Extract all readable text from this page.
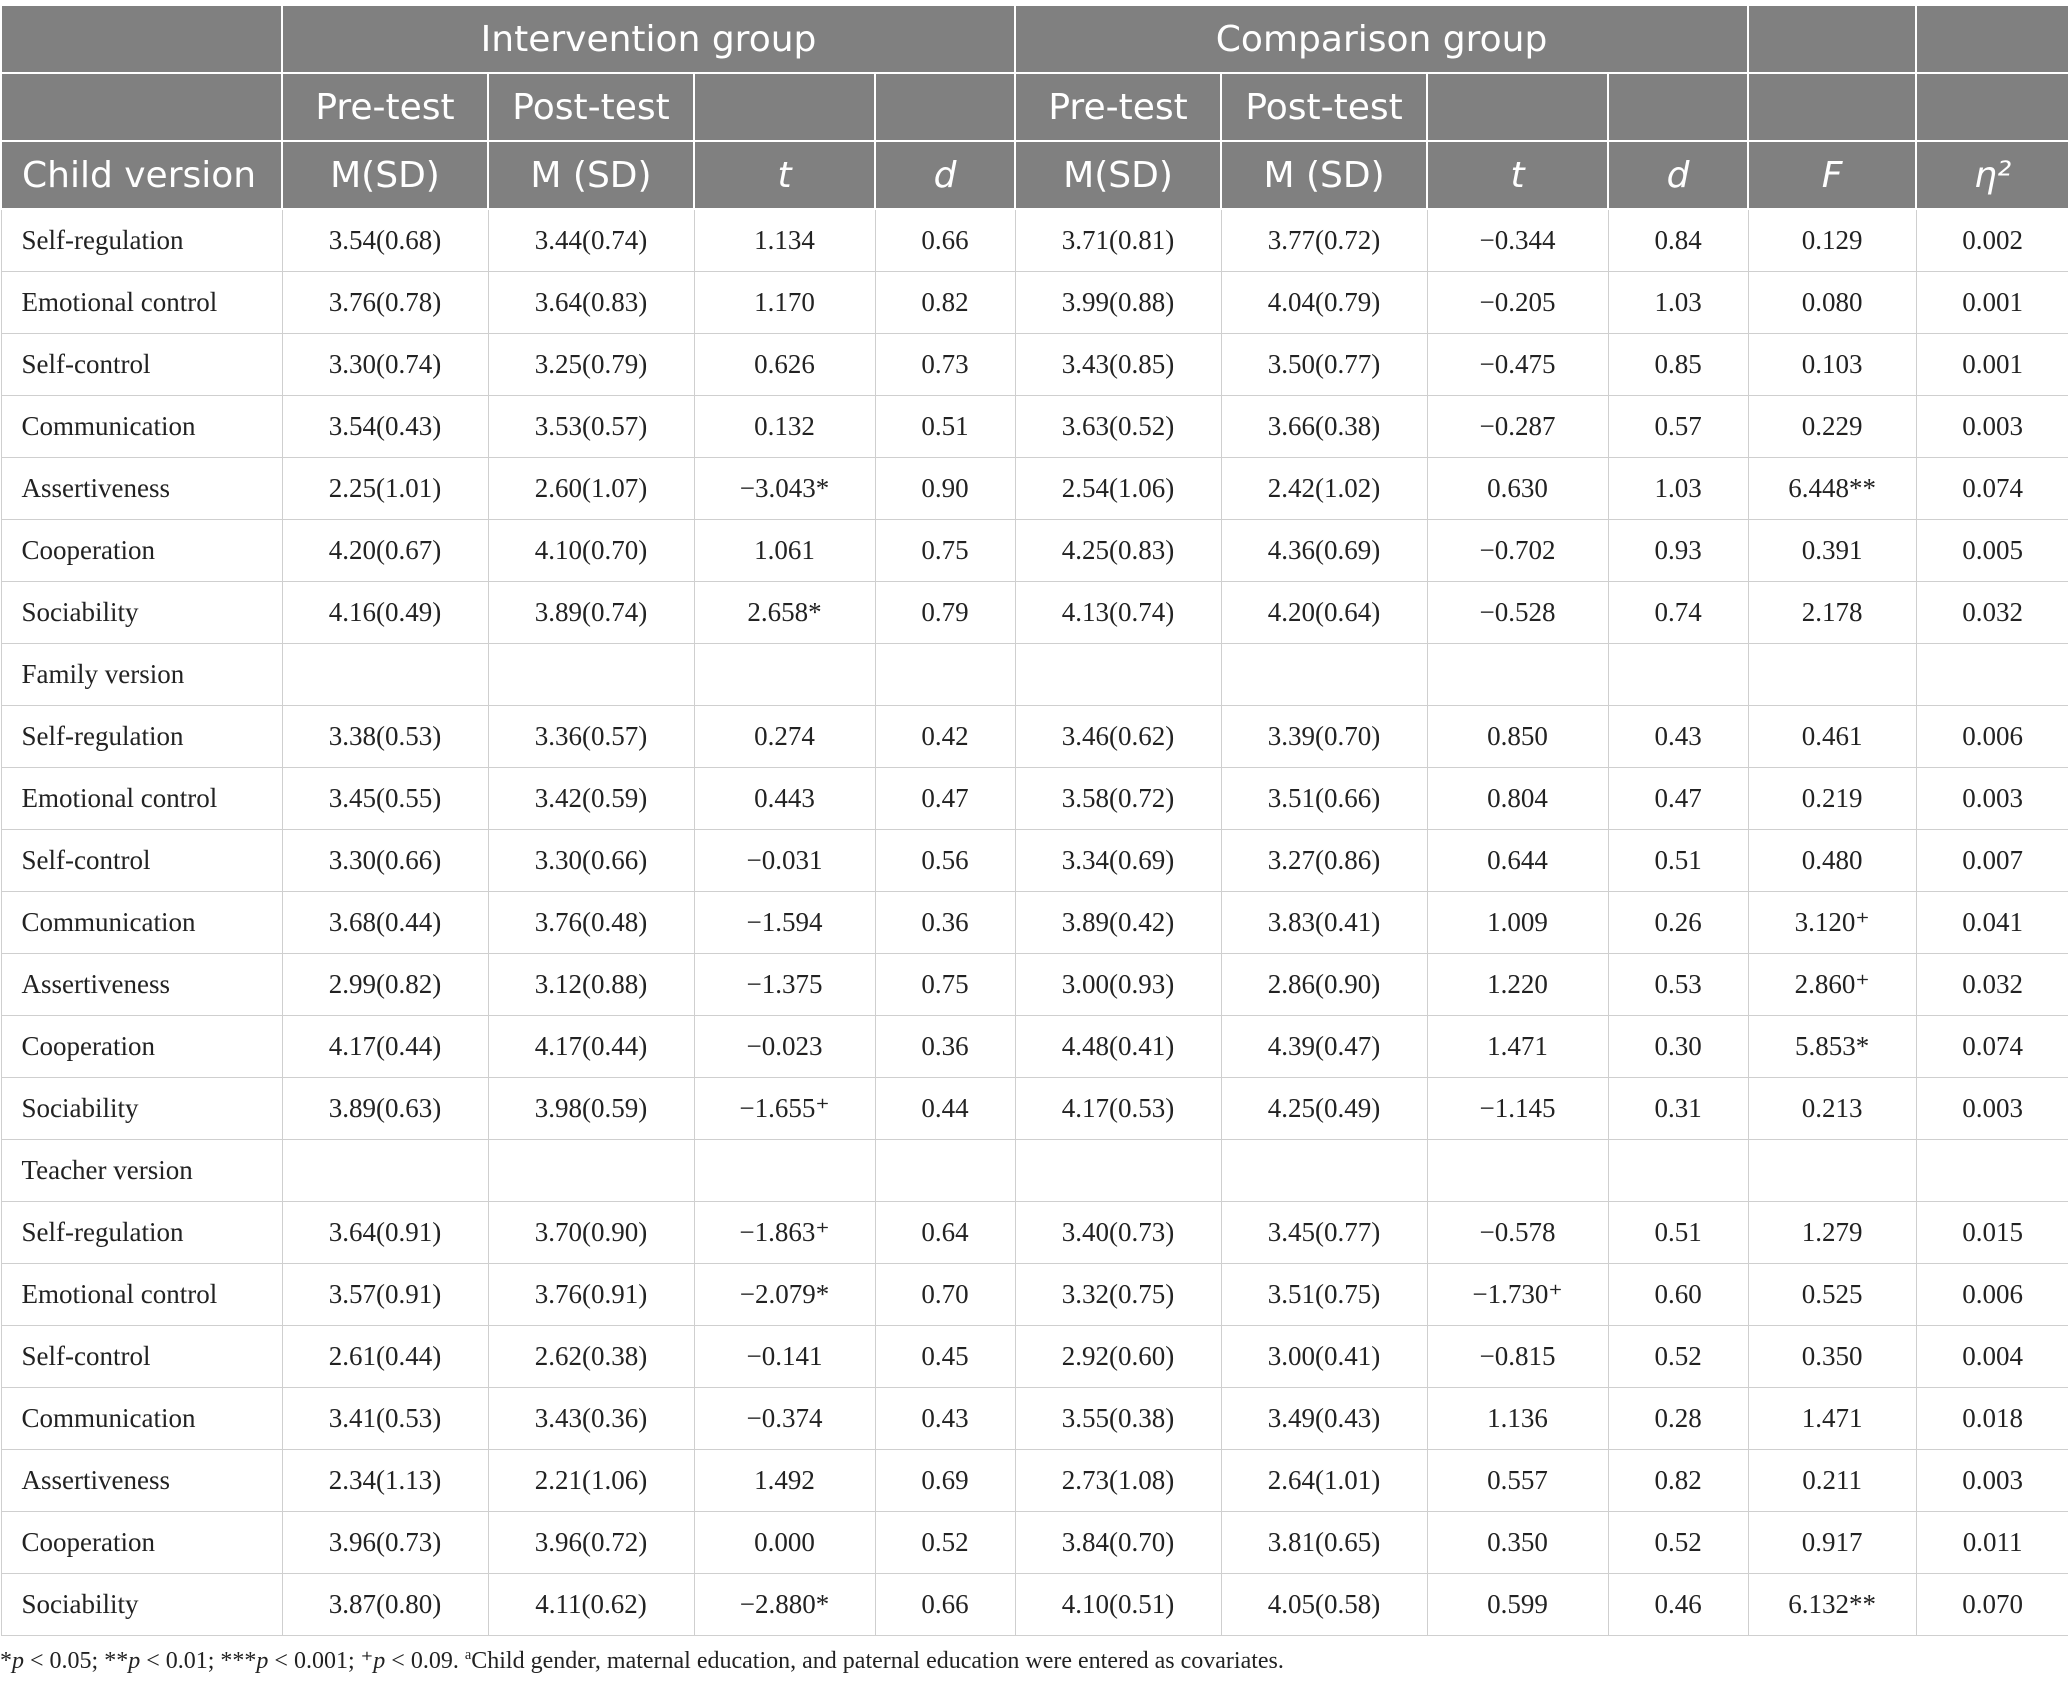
	Intervention group				Comparison group					
	Pre-test	Post-test			Pre-test	Post-test				
Child version	M(SD)	M (SD)	t	d	M(SD)	M (SD)	t	d	F	η²
Self-regulation	3.54(0.68)	3.44(0.74)	1.134	0.66	3.71(0.81)	3.77(0.72)	−0.344	0.84	0.129	0.002
Emotional control	3.76(0.78)	3.64(0.83)	1.170	0.82	3.99(0.88)	4.04(0.79)	−0.205	1.03	0.080	0.001
Self-control	3.30(0.74)	3.25(0.79)	0.626	0.73	3.43(0.85)	3.50(0.77)	−0.475	0.85	0.103	0.001
Communication	3.54(0.43)	3.53(0.57)	0.132	0.51	3.63(0.52)	3.66(0.38)	−0.287	0.57	0.229	0.003
Assertiveness	2.25(1.01)	2.60(1.07)	−3.043*	0.90	2.54(1.06)	2.42(1.02)	0.630	1.03	6.448**	0.074
Cooperation	4.20(0.67)	4.10(0.70)	1.061	0.75	4.25(0.83)	4.36(0.69)	−0.702	0.93	0.391	0.005
Sociability	4.16(0.49)	3.89(0.74)	2.658*	0.79	4.13(0.74)	4.20(0.64)	−0.528	0.74	2.178	0.032
Family version										
Self-regulation	3.38(0.53)	3.36(0.57)	0.274	0.42	3.46(0.62)	3.39(0.70)	0.850	0.43	0.461	0.006
Emotional control	3.45(0.55)	3.42(0.59)	0.443	0.47	3.58(0.72)	3.51(0.66)	0.804	0.47	0.219	0.003
Self-control	3.30(0.66)	3.30(0.66)	−0.031	0.56	3.34(0.69)	3.27(0.86)	0.644	0.51	0.480	0.007
Communication	3.68(0.44)	3.76(0.48)	−1.594	0.36	3.89(0.42)	3.83(0.41)	1.009	0.26	3.120⁺	0.041
Assertiveness	2.99(0.82)	3.12(0.88)	−1.375	0.75	3.00(0.93)	2.86(0.90)	1.220	0.53	2.860⁺	0.032
Cooperation	4.17(0.44)	4.17(0.44)	−0.023	0.36	4.48(0.41)	4.39(0.47)	1.471	0.30	5.853*	0.074
Sociability	3.89(0.63)	3.98(0.59)	−1.655⁺	0.44	4.17(0.53)	4.25(0.49)	−1.145	0.31	0.213	0.003
Teacher version										
Self-regulation	3.64(0.91)	3.70(0.90)	−1.863⁺	0.64	3.40(0.73)	3.45(0.77)	−0.578	0.51	1.279	0.015
Emotional control	3.57(0.91)	3.76(0.91)	−2.079*	0.70	3.32(0.75)	3.51(0.75)	−1.730⁺	0.60	0.525	0.006
Self-control	2.61(0.44)	2.62(0.38)	−0.141	0.45	2.92(0.60)	3.00(0.41)	−0.815	0.52	0.350	0.004
Communication	3.41(0.53)	3.43(0.36)	−0.374	0.43	3.55(0.38)	3.49(0.43)	1.136	0.28	1.471	0.018
Assertiveness	2.34(1.13)	2.21(1.06)	1.492	0.69	2.73(1.08)	2.64(1.01)	0.557	0.82	0.211	0.003
Cooperation	3.96(0.73)	3.96(0.72)	0.000	0.52	3.84(0.70)	3.81(0.65)	0.350	0.52	0.917	0.011
Sociability	3.87(0.80)	4.11(0.62)	−2.880*	0.66	4.10(0.51)	4.05(0.58)	0.599	0.46	6.132**	0.070
*p < 0.05; **p < 0.01; ***p < 0.001; ⁺p < 0.09. $^a$Child gender, maternal education, and paternal education were entered as covariates.
